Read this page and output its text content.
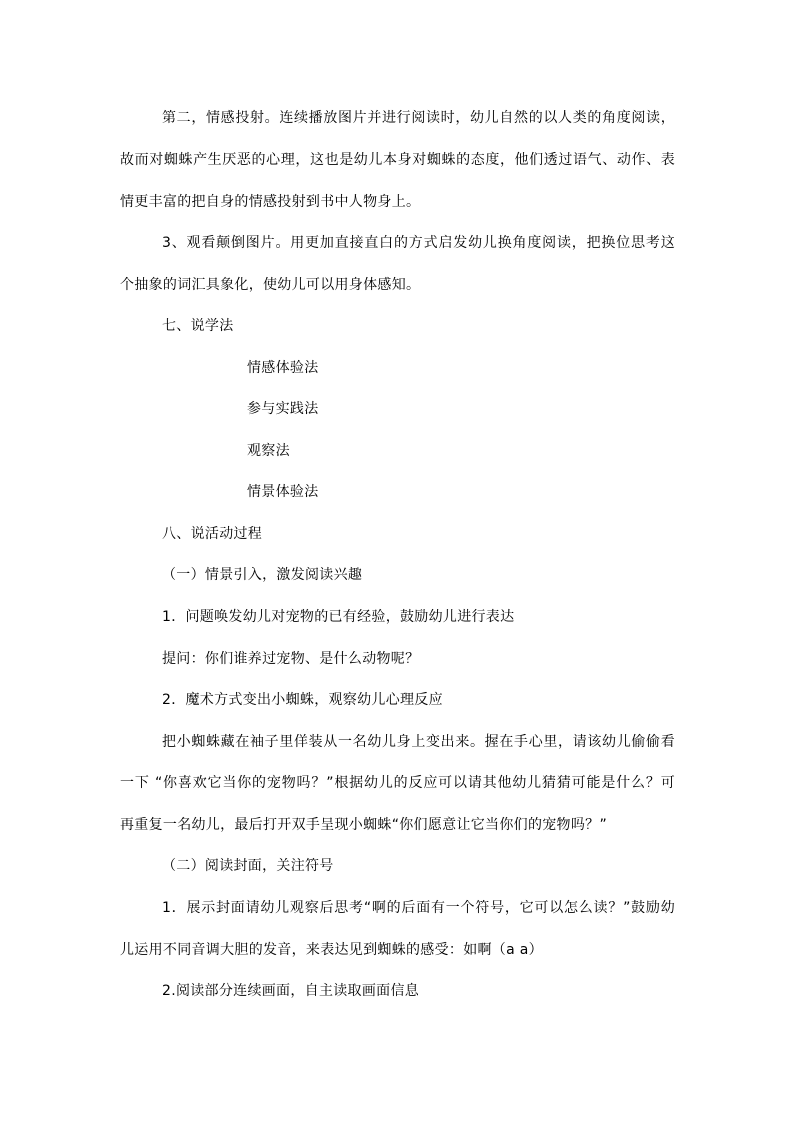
第二，情感投射。连续播放图片并进行阅读时，幼儿自然的以人类的角度阅读，
故而对蜘蛛产生厌恶的心理，这也是幼儿本身对蜘蛛的态度，他们透过语气、动作、表
情更丰富的把自身的情感投射到书中人物身上。
3、观看颠倒图片。用更加直接直白的方式启发幼儿换角度阅读，把换位思考这
个抽象的词汇具象化，使幼儿可以用身体感知。
七、说学法
情感体验法
参与实践法
观察法
情景体验法
八、说活动过程
（一）情景引入，激发阅读兴趣
1．问题唤发幼儿对宠物的已有经验，鼓励幼儿进行表达
提问：你们谁养过宠物、是什么动物呢？
2．魔术方式变出小蜘蛛，观察幼儿心理反应
把小蜘蛛藏在袖子里佯装从一名幼儿身上变出来。握在手心里，请该幼儿偷偷看
一下 “你喜欢它当你的宠物吗？”根据幼儿的反应可以请其他幼儿猜猜可能是什么？可
再重复一名幼儿，最后打开双手呈现小蜘蛛“你们愿意让它当你们的宠物吗？”
（二）阅读封面，关注符号
1．展示封面请幼儿观察后思考“啊的后面有一个符号，它可以怎么读？”鼓励幼
儿运用不同音调大胆的发音，来表达见到蜘蛛的感受：如啊（a a）
2.阅读部分连续画面，自主读取画面信息
